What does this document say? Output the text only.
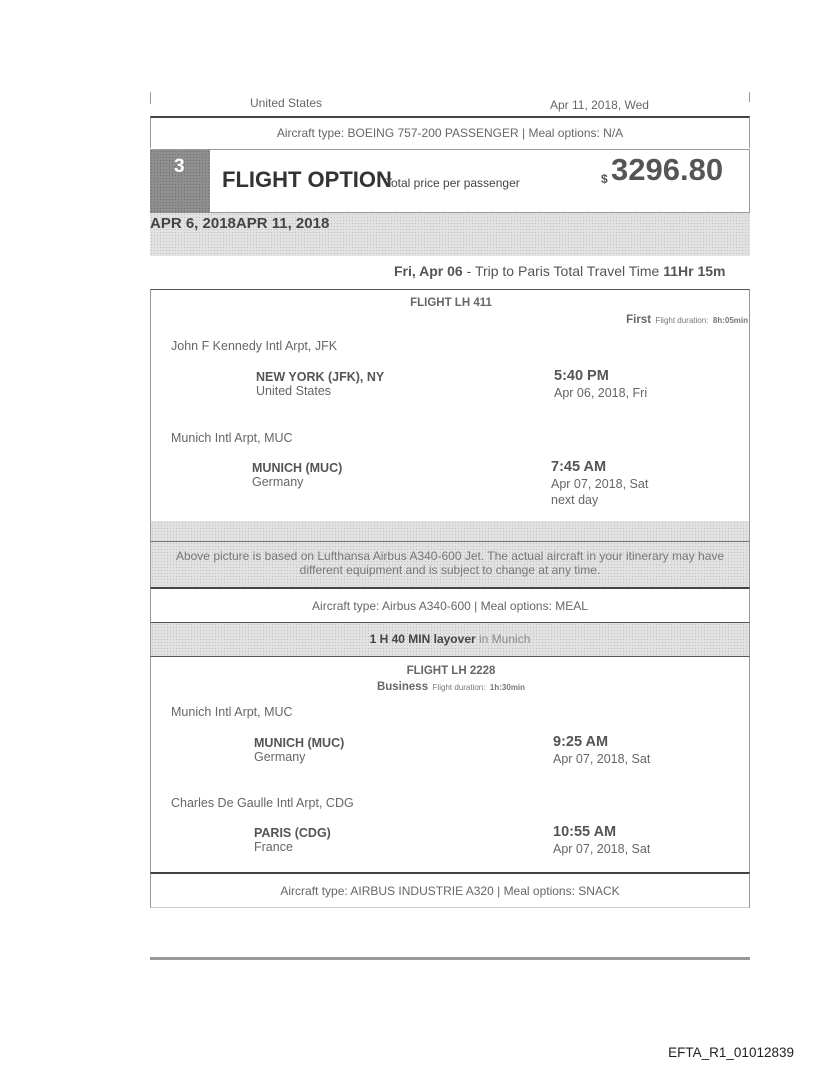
United States	Apr 11, 2018, Wed
Aircraft type: BOEING 757-200 PASSENGER | Meal options: N/A
3
FLIGHT OPTION
Total price per passenger	$ 3296.80
APR 6, 2018APR 11, 2018
Fri, Apr 06 - Trip to Paris Total Travel Time 11Hr 15m
FLIGHT LH 411
First Flight duration: 8h:05min
John F Kennedy Intl Arpt, JFK
NEW YORK (JFK), NY
United States
5:40 PM
Apr 06, 2018, Fri
Munich Intl Arpt, MUC
MUNICH (MUC)
Germany
7:45 AM
Apr 07, 2018, Sat
next day
Above picture is based on Lufthansa Airbus A340-600 Jet. The actual aircraft in your itinerary may have different equipment and is subject to change at any time.
Aircraft type: Airbus A340-600 | Meal options: MEAL
1 H 40 MIN layover in Munich
FLIGHT LH 2228
Business Flight duration: 1h:30min
Munich Intl Arpt, MUC
MUNICH (MUC)
Germany
9:25 AM
Apr 07, 2018, Sat
Charles De Gaulle Intl Arpt, CDG
PARIS (CDG)
France
10:55 AM
Apr 07, 2018, Sat
Aircraft type: AIRBUS INDUSTRIE A320 | Meal options: SNACK
EFTA_R1_01012839
